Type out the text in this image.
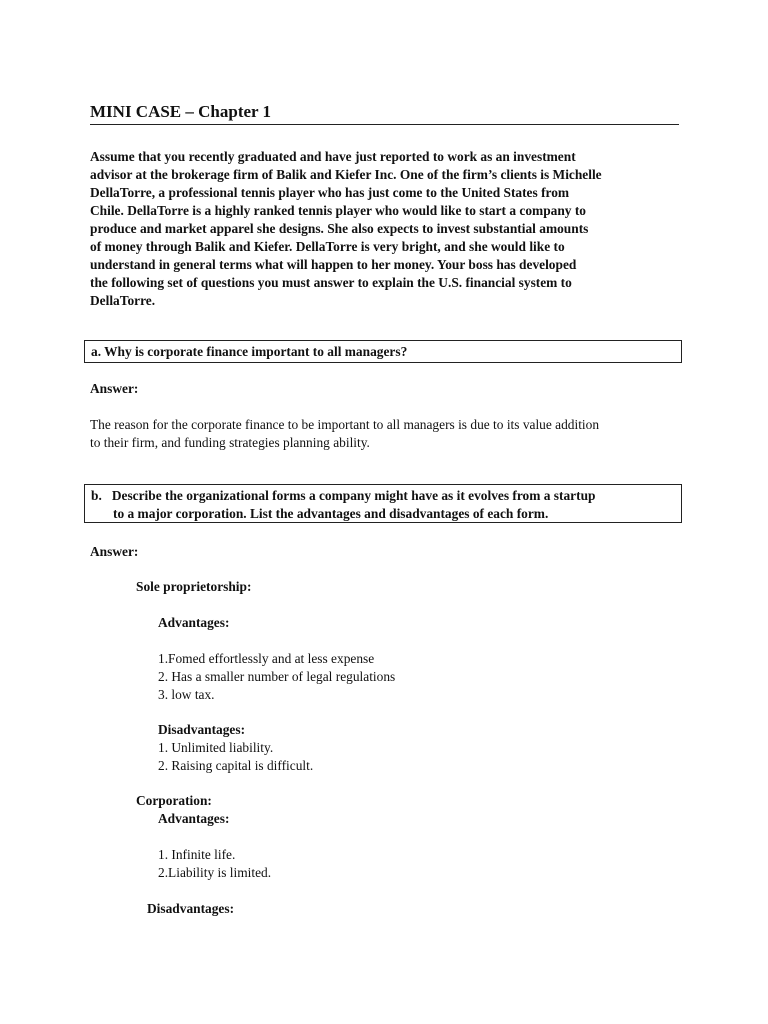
MINI CASE – Chapter 1
Assume that you recently graduated and have just reported to work as an investment
advisor at the brokerage firm of Balik and Kiefer Inc. One of the firm’s clients is Michelle
DellaTorre, a professional tennis player who has just come to the United States from
Chile. DellaTorre is a highly ranked tennis player who would like to start a company to
produce and market apparel she designs. She also expects to invest substantial amounts
of money through Balik and Kiefer. DellaTorre is very bright, and she would like to
understand in general terms what will happen to her money. Your boss has developed
the following set of questions you must answer to explain the U.S. financial system to
DellaTorre.
a. Why is corporate finance important to all managers?
Answer:
The reason for the corporate finance to be important to all managers is due to its value addition
to their firm, and funding strategies planning ability.
b. Describe the organizational forms a company might have as it evolves from a startup
to a major corporation. List the advantages and disadvantages of each form.
Answer:
Sole proprietorship:
Advantages:
1.Fomed effortlessly and at less expense
2. Has a smaller number of legal regulations
3. low tax.
Disadvantages:
1. Unlimited liability.
2. Raising capital is difficult.
Corporation:
Advantages:
1. Infinite life.
2.Liability is limited.
Disadvantages:
